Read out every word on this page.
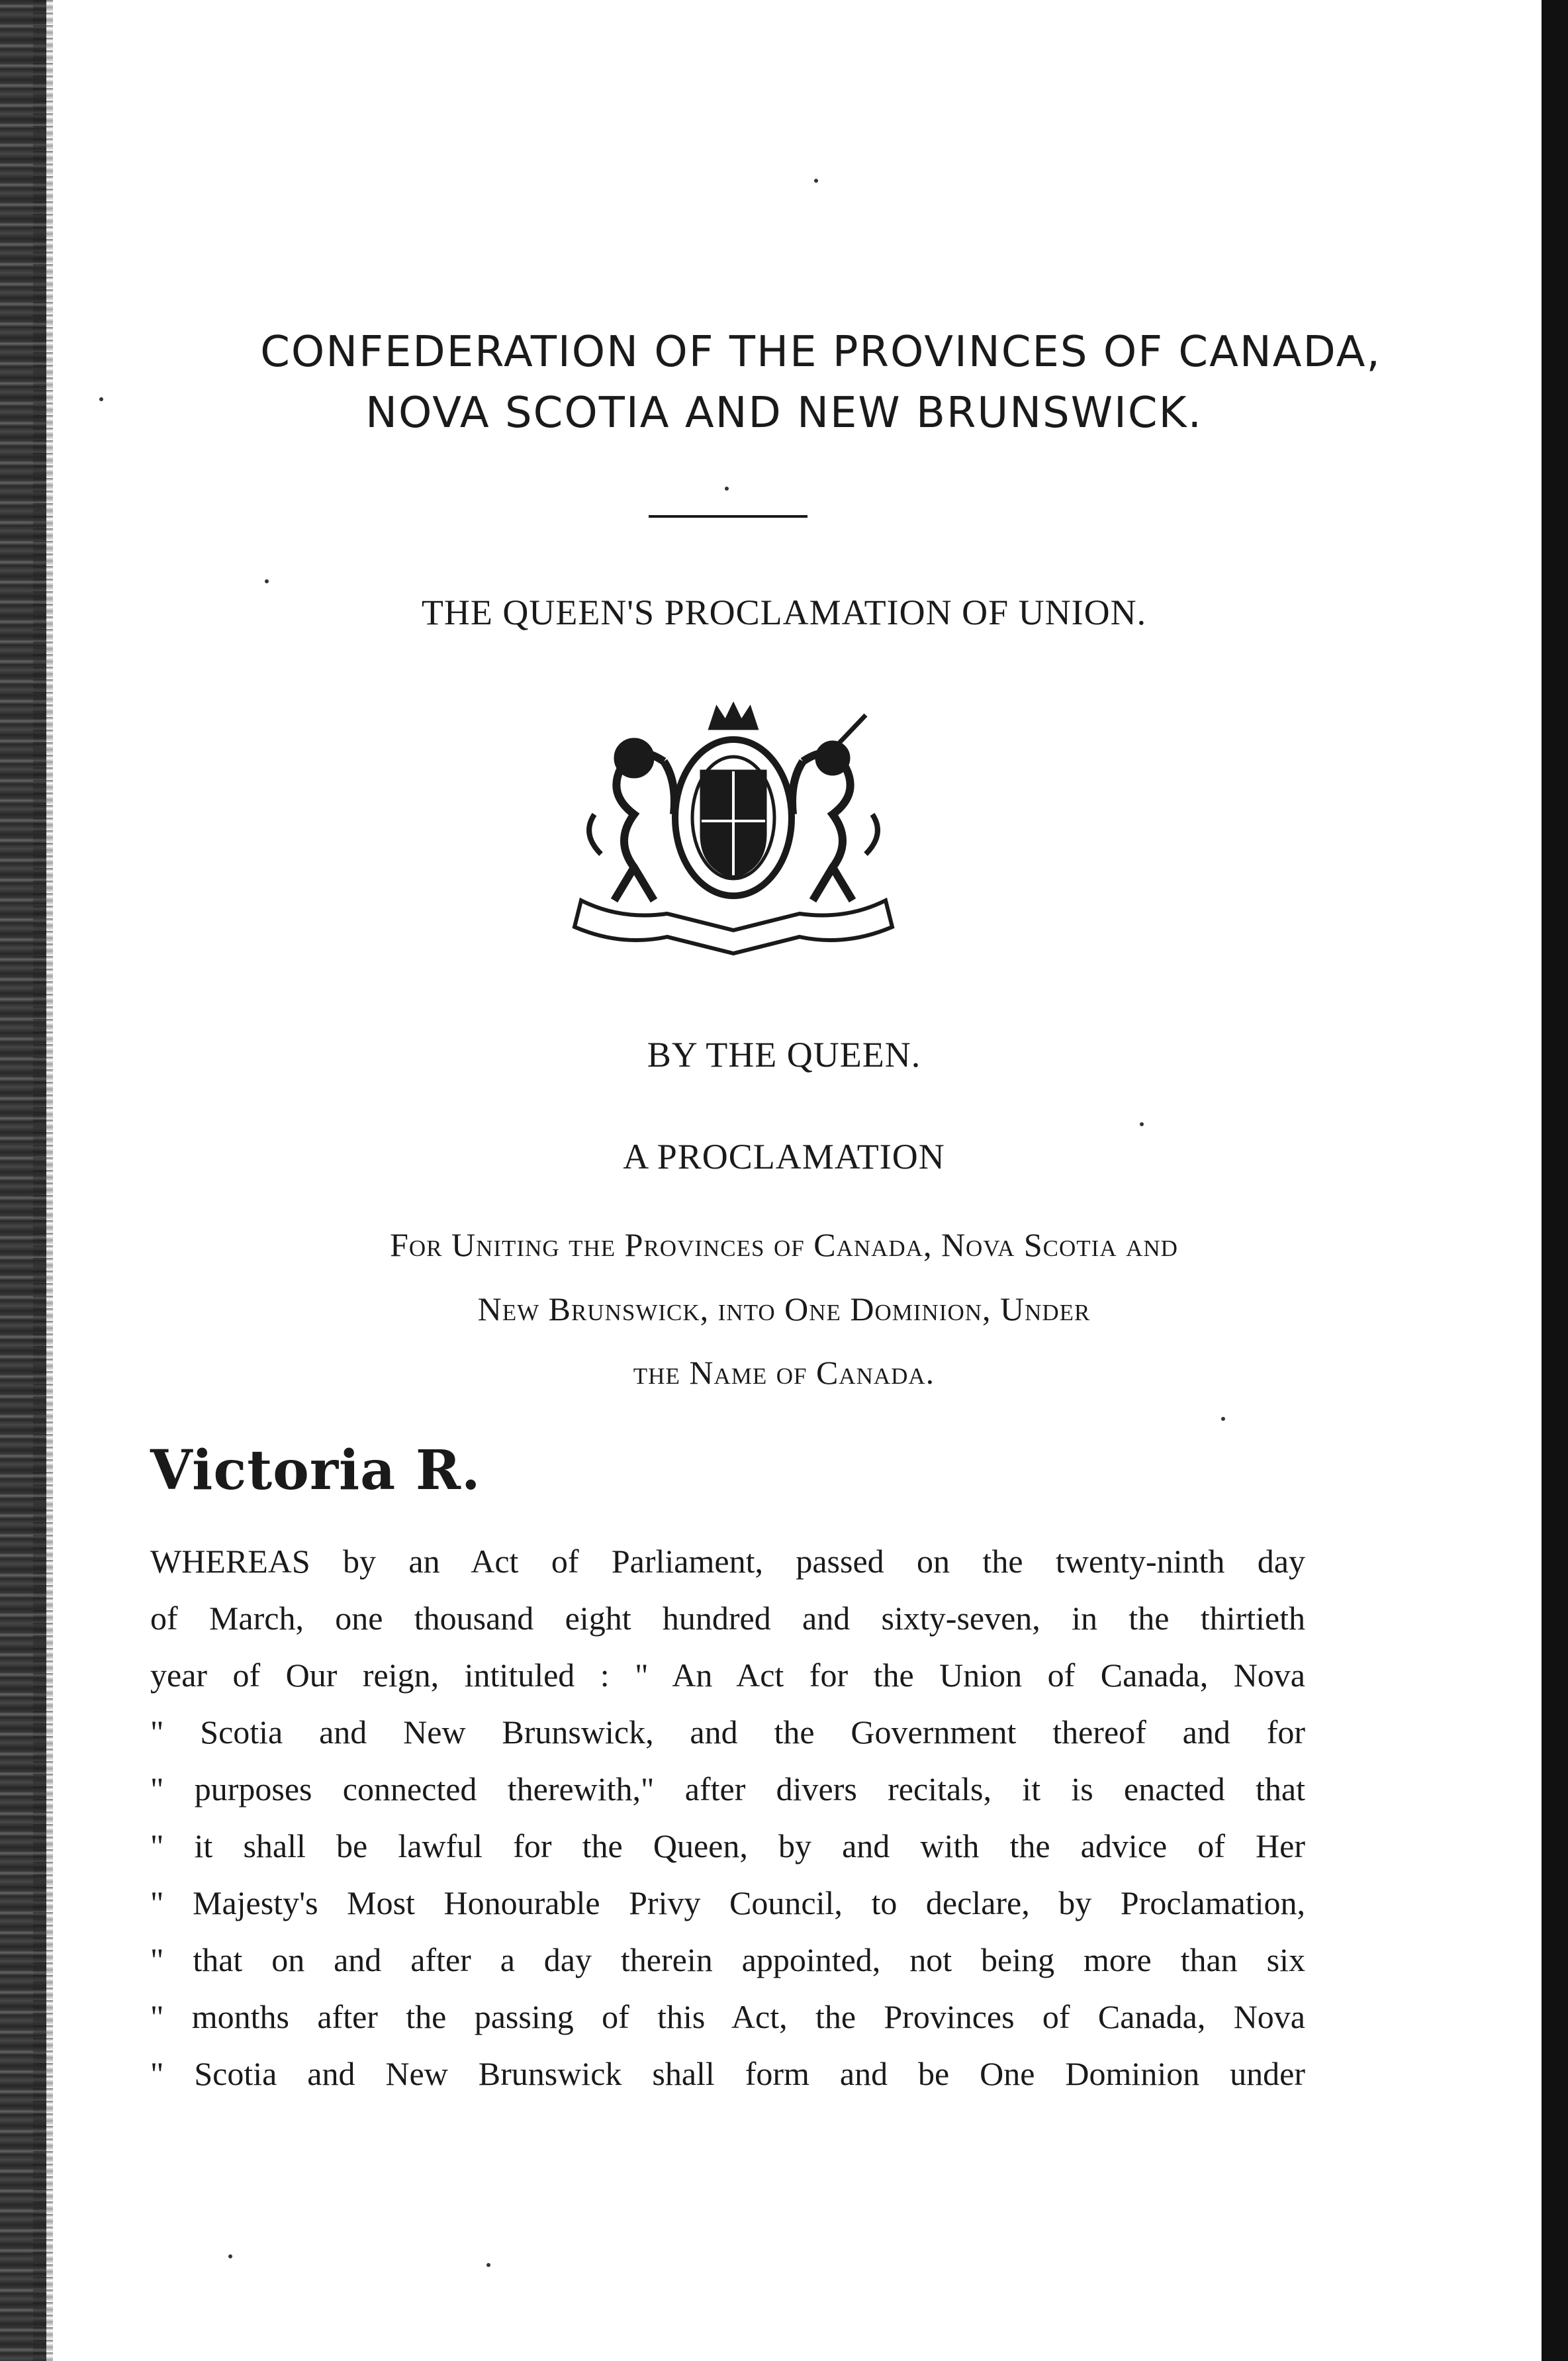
CONFEDERATION OF THE PROVINCES OF CANADA,
NOVA SCOTIA AND NEW BRUNSWICK.
THE QUEEN'S PROCLAMATION OF UNION.
BY THE QUEEN.
A PROCLAMATION
For Uniting the Provinces of Canada, Nova Scotia and
New Brunswick, into One Dominion, Under
the Name of Canada.
Victoria R.
WHEREAS by an Act of Parliament, passed on the twenty-ninth day
of March, one thousand eight hundred and sixty-seven, in the thirtieth
year of Our reign, intituled : " An Act for the Union of Canada, Nova
" Scotia and New Brunswick, and the Government thereof and for
" purposes connected therewith," after divers recitals, it is enacted that
" it shall be lawful for the Queen, by and with the advice of Her
" Majesty's Most Honourable Privy Council, to declare, by Proclamation,
" that on and after a day therein appointed, not being more than six
" months after the passing of this Act, the Provinces of Canada, Nova
" Scotia and New Brunswick shall form and be One Dominion under
